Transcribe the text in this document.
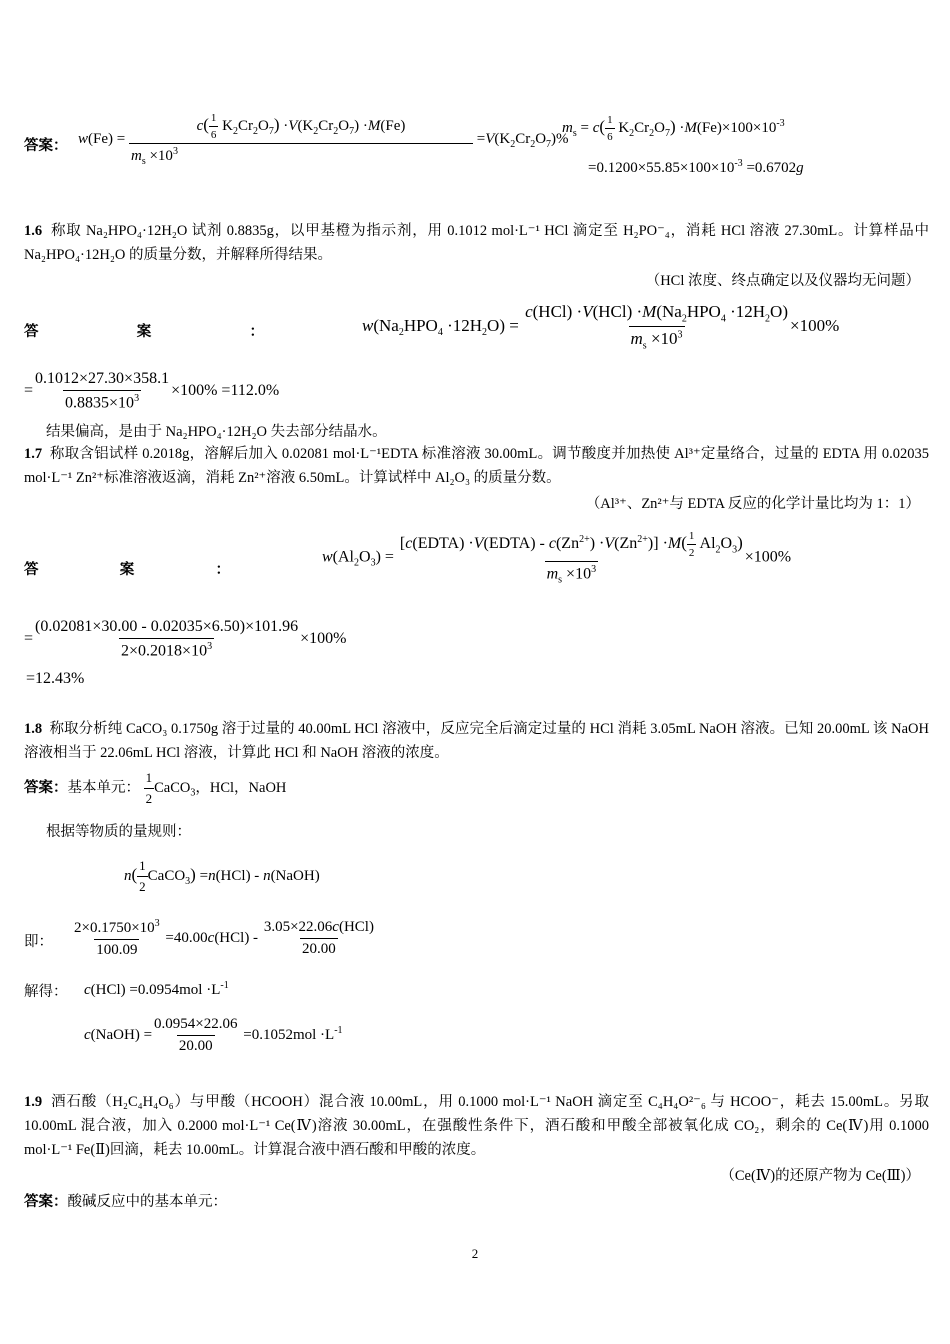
答案： $w(Fe) = \frac{c( \frac{1}{6} K_2Cr_2O_7) \cdot V(K_2Cr_2O_7) \cdot M(Fe)}{m_s \times 10^3} =V(K_2Cr_2O_7)\%$
$m_s = c( \frac{1}{6} K_2Cr_2O_7) \cdot M(Fe)\times 100\times 10^{-3}$
$=0.1200\times 55.85\times 100\times 10^{-3} =0.6702g$
1.6 称取 Na₂HPO₄·12H₂O 试剂 0.8835g，以甲基橙为指示剂，用 0.1012 mol·L⁻¹ HCl 滴定至 H₂PO⁻₄，消耗 HCl 溶液 27.30mL。计算样品中 Na₂HPO₄·12H₂O 的质量分数，并解释所得结果。
（HCl 浓度、终点确定以及仪器均无问题）
答	案	：	$w(Na_2HPO_4 \cdot 12H_2O) = \frac{c(HCl) \cdot V(HCl) \cdot M(Na_2HPO_4 \cdot 12H_2O)}{m_s \times 10^3} \times 100\%$
= $\frac{0.1012\times 27.30\times 358.1}{0.8835\times 10^3} \times 100\% =112.0\%$
结果偏高，是由于 Na₂HPO₄·12H₂O 失去部分结晶水。
1.7 称取含铝试样 0.2018g，溶解后加入 0.02081 mol·L⁻¹EDTA 标准溶液 30.00mL。调节酸度并加热使 Al³⁺定量络合，过量的 EDTA 用 0.02035 mol·L⁻¹ Zn²⁺标准溶液返滴，消耗 Zn²⁺溶液 6.50mL。计算试样中 Al₂O₃ 的质量分数。
（Al³⁺、Zn²⁺与 EDTA 反应的化学计量比均为 1：1）
答	案	：
$w(Al_2O_3) = \frac{[c(EDTA) \cdot V(EDTA) - c(Zn^{2+}) \cdot V(Zn^{2+})] \cdot M( \frac{1}{2} Al_2O_3)}{m_s \times 10^3} \times 100\%$
= $\frac{(0.02081\times 30.00 - 0.02035\times 6.50)\times 101.96}{2\times 0.2018\times 10^3} \times 100\%$
=12.43%
1.8 称取分析纯 CaCO₃ 0.1750g 溶于过量的 40.00mL HCl 溶液中，反应完全后滴定过量的 HCl 消耗 3.05mL NaOH 溶液。已知 20.00mL 该 NaOH 溶液相当于 22.06mL HCl 溶液，计算此 HCl 和 NaOH 溶液的浓度。
答案：基本单元： $\frac{1}{2}$ CaCO$_3$，HCl，NaOH
根据等物质的量规则：
$n( \frac{1}{2}$ CaCO$_3$) =n(HCl) - n(NaOH)
即： $\frac{2\times 0.1750\times 10^3}{100.09} =40.00c(HCl) - \frac{\text{3.05×22.06c(HCl)}}{20.00}$
解得： $c(HCl) =0.0954mol \cdot L^{-1}$
c(NaOH) = $\frac{0.0954\times 22.06}{20.00} =0.1052mol \cdot L^{-1}$
1.9 酒石酸（H₂C₄H₄O₆）与甲酸（HCOOH）混合液 10.00mL，用 0.1000 mol·L⁻¹ NaOH 滴定至 C₄H₄O²⁻₆ 与 HCOO⁻，耗去 15.00mL。另取 10.00mL 混合液，加入 0.2000 mol·L⁻¹ Ce(Ⅳ)溶液 30.00mL，在强酸性条件下，酒石酸和甲酸全部被氧化成 CO₂，剩余的 Ce(Ⅳ)用 0.1000 mol·L⁻¹ Fe(Ⅱ)回滴，耗去 10.00mL。计算混合液中酒石酸和甲酸的浓度。
（Ce(Ⅳ)的还原产物为 Ce(Ⅲ)）
答案：酸碱反应中的基本单元：
2
